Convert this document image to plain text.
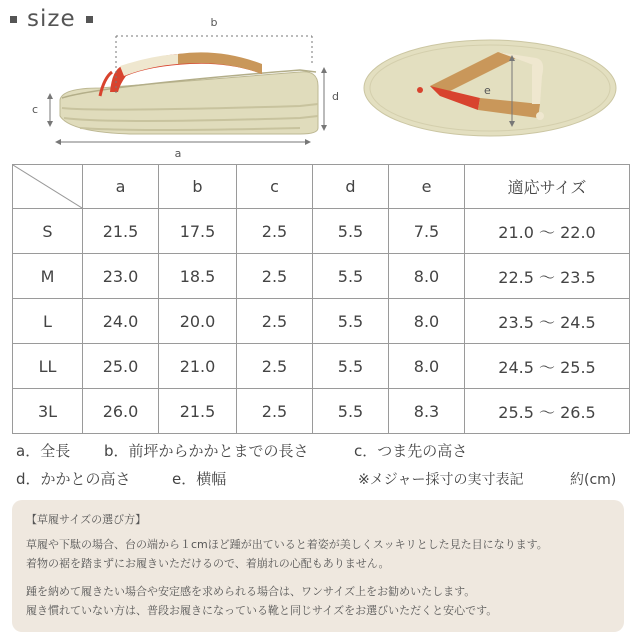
size	b
c
d
a
e
	a	b	c	d	e	適応サイズ
S	21.5	17.5	2.5	5.5	7.5	21.0 ～ 22.0
M	23.0	18.5	2.5	5.5	8.0	22.5 ～ 23.5
L	24.0	20.0	2.5	5.5	8.0	23.5 ～ 24.5
LL	25.0	21.0	2.5	5.5	8.0	24.5 ～ 25.5
3L	26.0	21.5	2.5	5.5	8.3	25.5 ～ 26.5
a．全長	b．前坪からかかとまでの長さ	c．つま先の高さ
d．かかとの高さ	e．横幅	※メジャー採寸の実寸表記	約(cm)
【草履サイズの選び方】

草履や下駄の場合、台の端から１cmほど踵が出ていると着姿が美しくスッキリとした見た目になります。

着物の裾を踏まずにお履きいただけるので、着崩れの心配もありません。

踵を納めて履きたい場合や安定感を求められる場合は、ワンサイズ上をお勧めいたします。

履き慣れていない方は、普段お履きになっている靴と同じサイズをお選びいただくと安心です。
